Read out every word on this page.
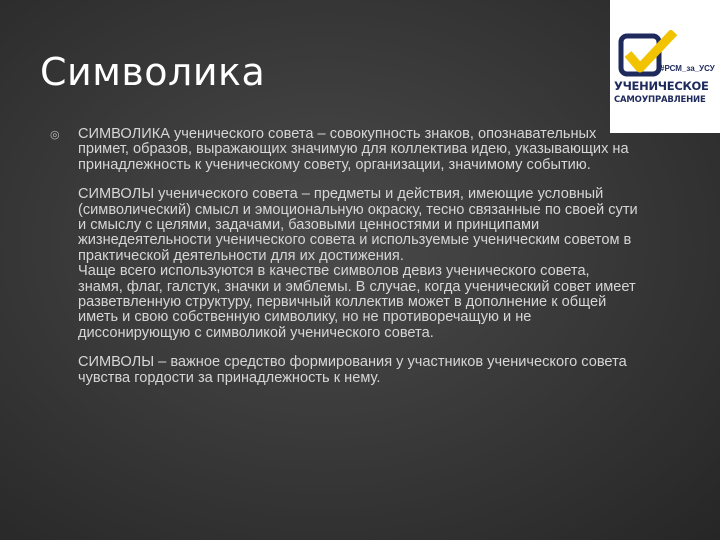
Символика	#РСМ_за_УСУ
УЧЕНИЧЕСКОЕ
САМОУПРАВЛЕНИЕ
◎ СИМВОЛИКА ученического совета – совокупность знаков, опознавательных примет, образов, выражающих значимую для коллектива идею, указывающих на принадлежность к ученическому совету, организации, значимому событию.

СИМВОЛЫ ученического совета – предметы и действия, имеющие условный (символический) смысл и эмоциональную окраску, тесно связанные по своей сути и смыслу с целями, задачами, базовыми ценностями и принципами жизнедеятельности ученического совета и используемые ученическим советом в практической деятельности для их достижения.

Чаще всего используются в качестве символов девиз ученического совета, знамя, флаг, галстук, значки и эмблемы. В случае, когда ученический совет имеет разветвленную структуру, первичный коллектив может в дополнение к общей иметь и свою собственную символику, но не противоречащую и не диссонирующую с символикой ученического совета.

СИМВОЛЫ – важное средство формирования у участников ученического совета чувства гордости за принадлежность к нему.
